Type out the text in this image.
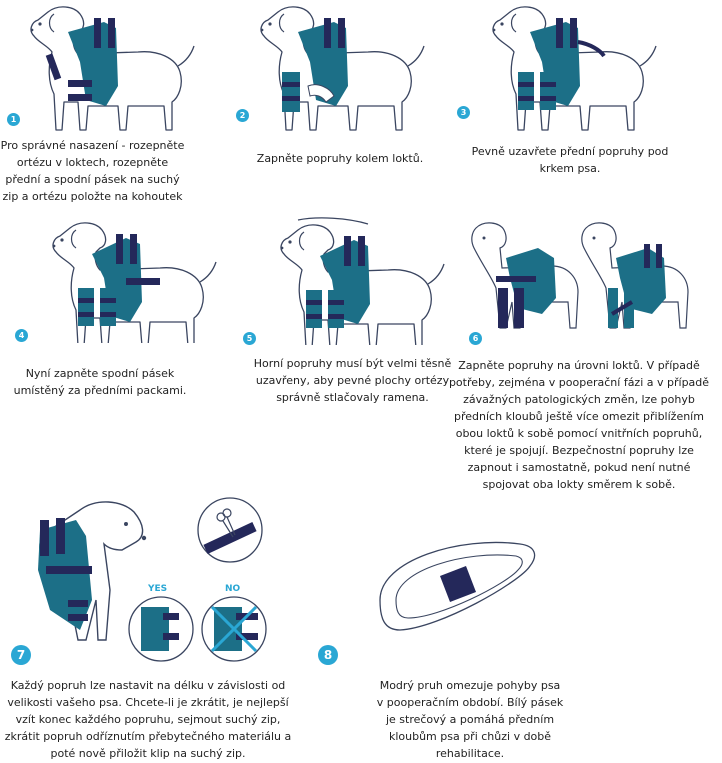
1
Pro správné nasazení - rozepněte ortézu v loktech, rozepněte přední a spodní pásek na suchý zip a ortézu položte na kohoutek
2
Zapněte popruhy kolem loktů.
3
Pevně uzavřete přední popruhy pod krkem psa.
4
Nyní zapněte spodní pásek umístěný za předními packami.
5
Horní popruhy musí být velmi těsně uzavřeny, aby pevné plochy ortézy správně stlačovaly ramena.
6
Zapněte popruhy na úrovni loktů. V případě potřeby, zejména v pooperační fázi a v případě závažných patologických změn, lze pohyb předních kloubů ještě více omezit přiblížením obou loktů k sobě pomocí vnitřních popruhů, které je spojují. Bezpečnostní popruhy lze zapnout i samostatně, pokud není nutné spojovat oba lokty směrem k sobě.
YES	NO
7
Každý popruh lze nastavit na délku v závislosti od velikosti vašeho psa. Chcete-li je zkrátit, je nejlepší vzít konec každého popruhu, sejmout suchý zip, zkrátit popruh odříznutím přebytečného materiálu a poté nově přiložit klip na suchý zip.
8
Modrý pruh omezuje pohyby psa v pooperačním období. Bílý pásek je strečový a pomáhá předním kloubům psa při chůzi v době rehabilitace.
